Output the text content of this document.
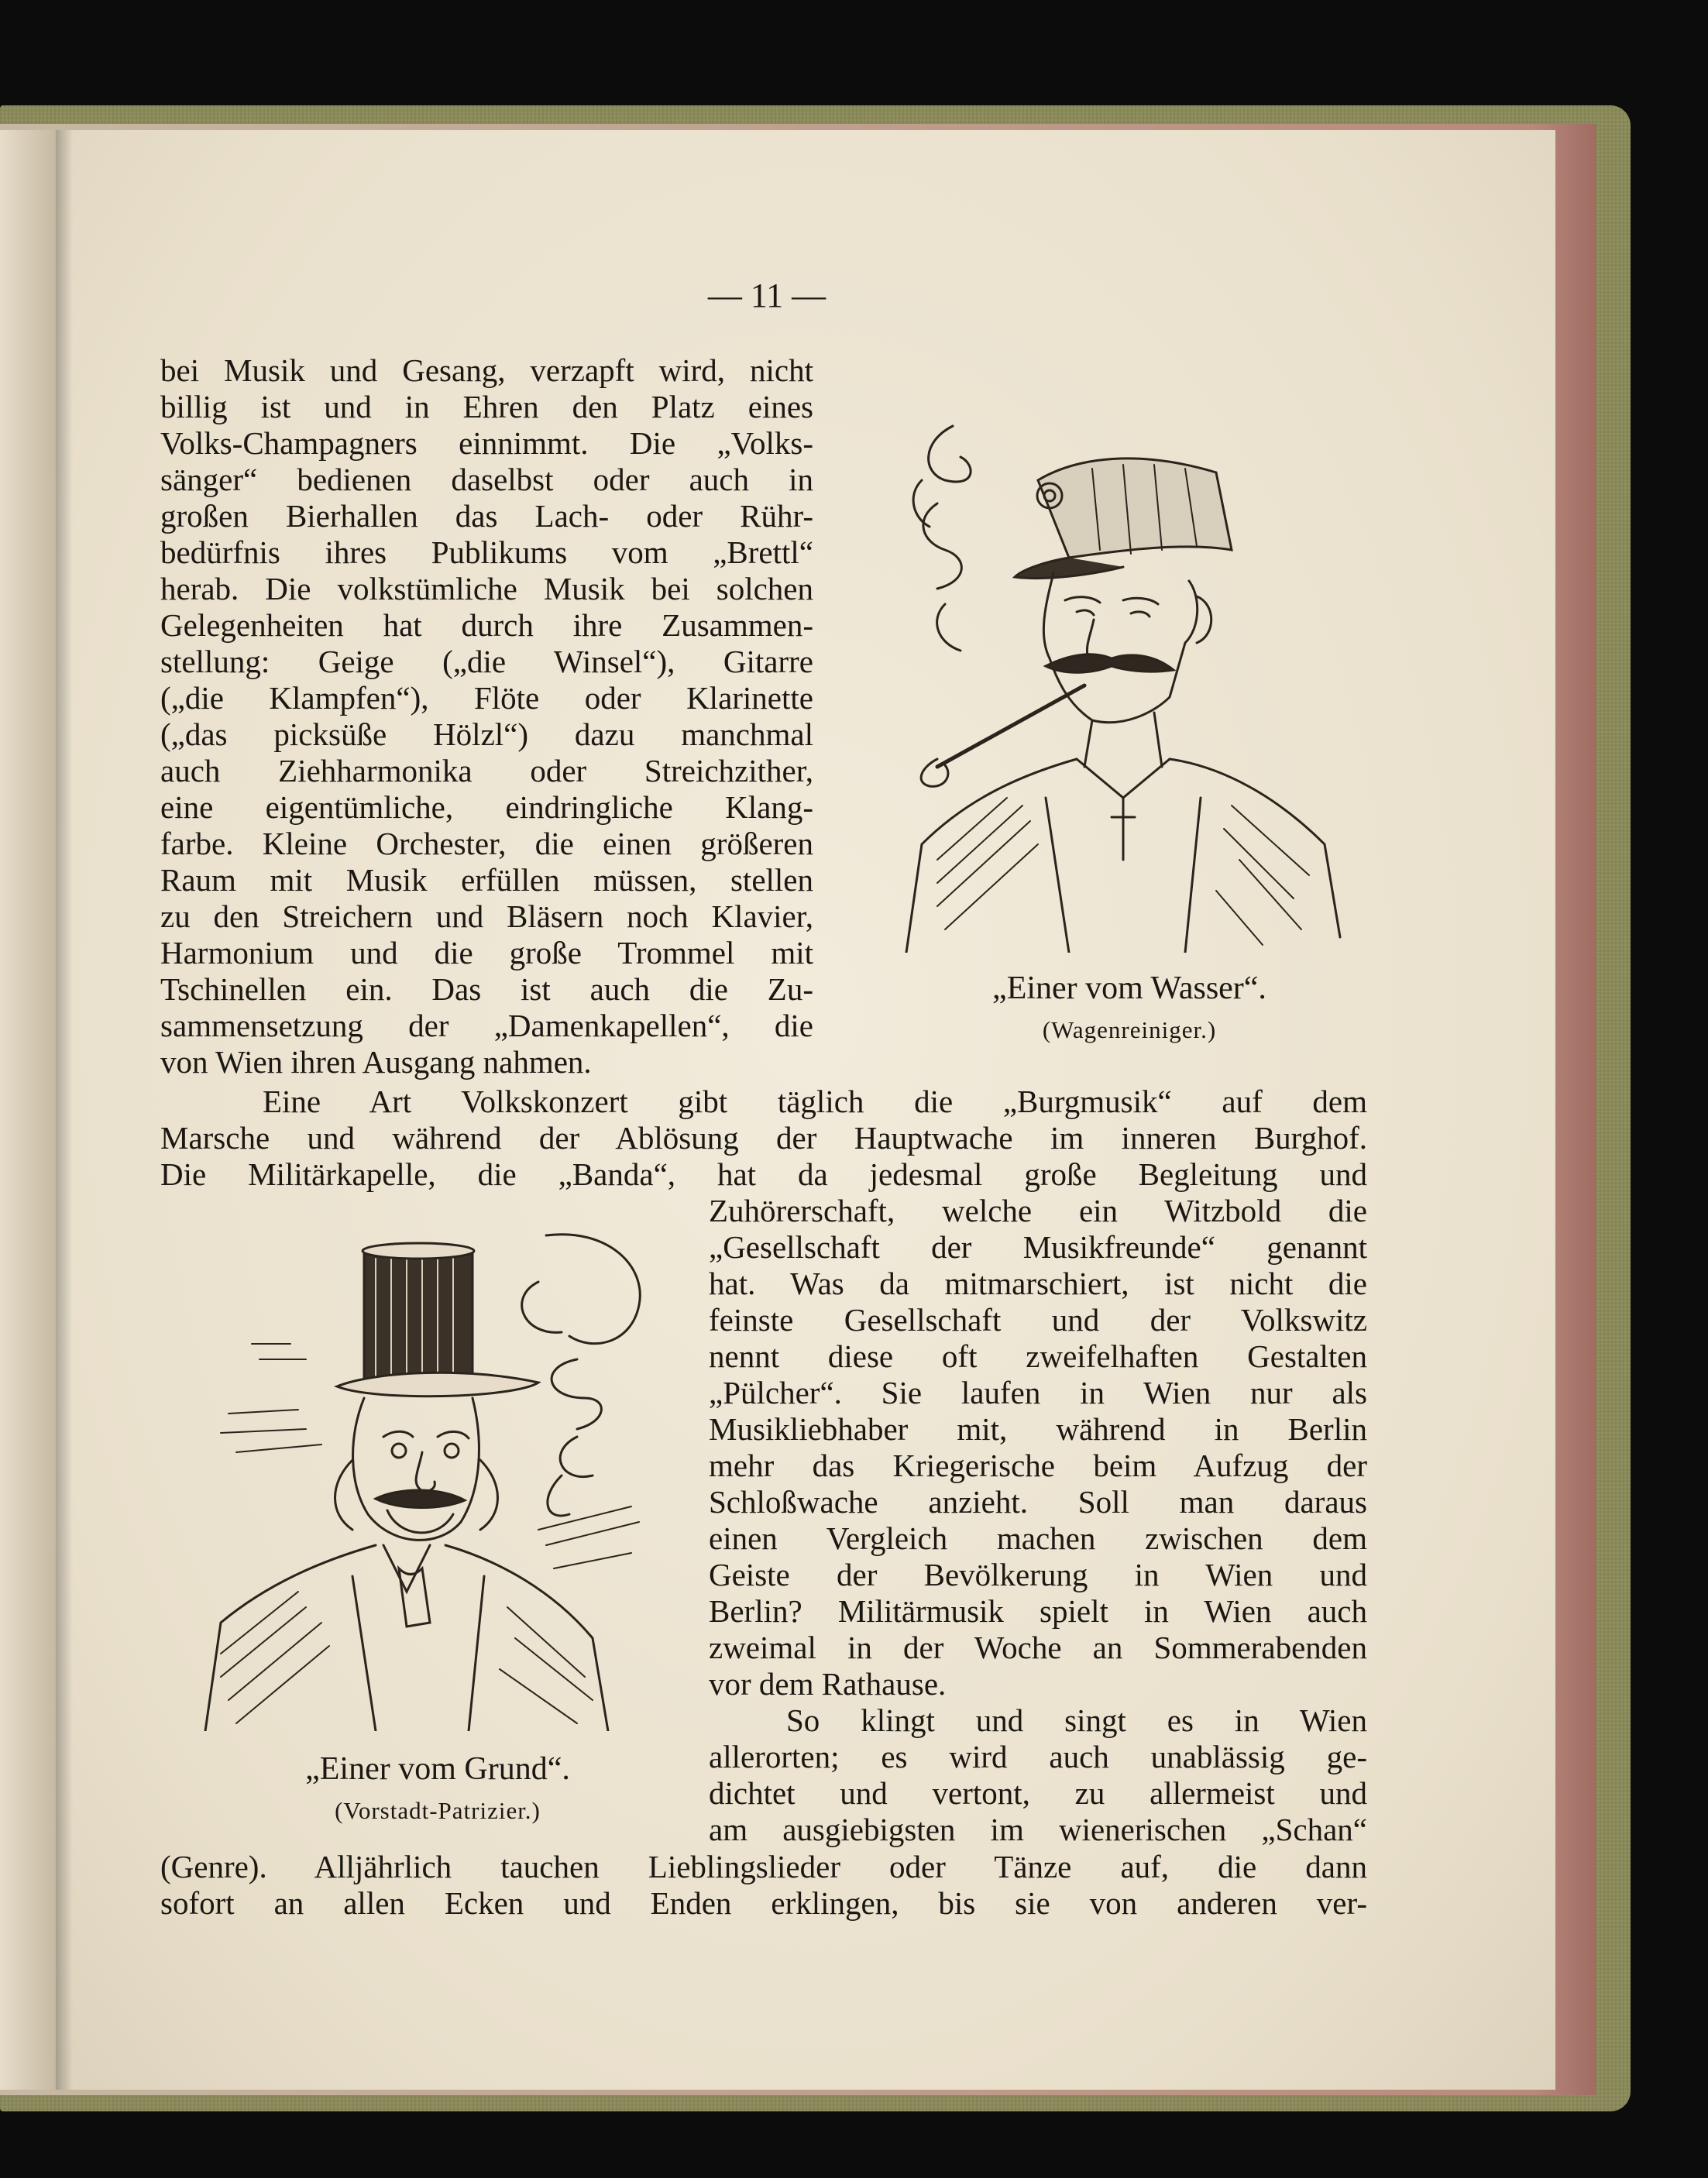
— 11 —
bei Musik und Gesang, verzapft wird, nicht
billig ist und in Ehren den Platz eines
Volks-Champagners einnimmt. Die „Volks-
sänger“ bedienen daselbst oder auch in
großen Bierhallen das Lach- oder Rühr-
bedürfnis ihres Publikums vom „Brettl“
herab. Die volkstümliche Musik bei solchen
Gelegenheiten hat durch ihre Zusammen-
stellung: Geige („die Winsel“), Gitarre
(„die Klampfen“), Flöte oder Klarinette
(„das picksüße Hölzl“) dazu manchmal
auch Ziehharmonika oder Streichzither,
eine eigentümliche, eindringliche Klang-
farbe. Kleine Orchester, die einen größeren
Raum mit Musik erfüllen müssen, stellen
zu den Streichern und Bläsern noch Klavier,
Harmonium und die große Trommel mit
Tschinellen ein. Das ist auch die Zu-
sammensetzung der „Damenkapellen“, die
von Wien ihren Ausgang nahmen.
Eine Art Volkskonzert gibt täglich die „Burgmusik“ auf dem
Marsche und während der Ablösung der Hauptwache im inneren Burghof.
Die Militärkapelle, die „Banda“, hat da jedesmal große Begleitung und
Zuhörerschaft, welche ein Witzbold die
„Gesellschaft der Musikfreunde“ genannt
hat. Was da mitmarschiert, ist nicht die
feinste Gesellschaft und der Volkswitz
nennt diese oft zweifelhaften Gestalten
„Pülcher“. Sie laufen in Wien nur als
Musikliebhaber mit, während in Berlin
mehr das Kriegerische beim Aufzug der
Schloßwache anzieht. Soll man daraus
einen Vergleich machen zwischen dem
Geiste der Bevölkerung in Wien und
Berlin? Militärmusik spielt in Wien auch
zweimal in der Woche an Sommerabenden
vor dem Rathause.
So klingt und singt es in Wien
allerorten; es wird auch unablässig ge-
dichtet und vertont, zu allermeist und
am ausgiebigsten im wienerischen „Schan“
(Genre). Alljährlich tauchen Lieblingslieder oder Tänze auf, die dann
sofort an allen Ecken und Enden erklingen, bis sie von anderen ver-
„Einer vom Wasser“.
(Wagenreiniger.)
„Einer vom Grund“.
(Vorstadt-Patrizier.)
